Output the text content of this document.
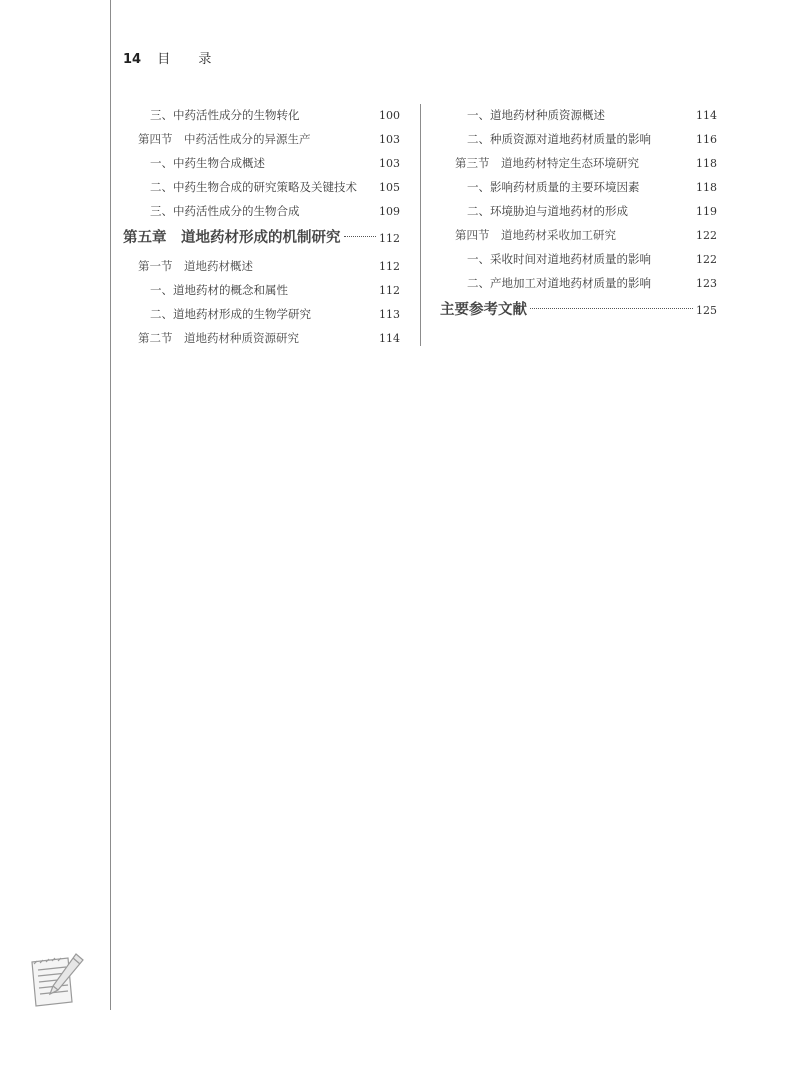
14 目 录
三、中药活性成分的生物转化	100
第四节　中药活性成分的异源生产	103
一、中药生物合成概述	103
二、中药生物合成的研究策略及关键技术 105
三、中药活性成分的生物合成	109
第五章　道地药材形成的机制研究	112
第一节　道地药材概述	112
一、道地药材的概念和属性	112
二、道地药材形成的生物学研究	113
第二节　道地药材种质资源研究	114
一、道地药材种质资源概述	114
二、种质资源对道地药材质量的影响	116
第三节　道地药材特定生态环境研究	118
一、影响药材质量的主要环境因素	118
二、环境胁迫与道地药材的形成	119
第四节　道地药材采收加工研究	122
一、采收时间对道地药材质量的影响	122
二、产地加工对道地药材质量的影响	123
主要参考文献	125
